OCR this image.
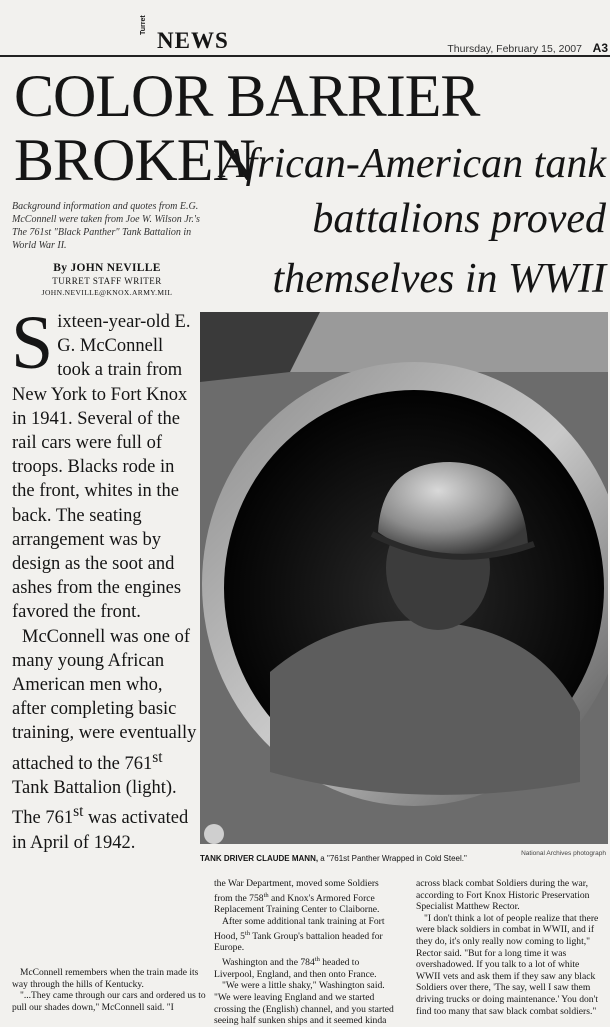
Turret
NEWS	Thursday, February 15, 2007 A3
COLOR BARRIER
BROKEN
African-American tank
battalions proved
themselves in WWII
Background information and quotes from E.G. McConnell were taken from Joe W. Wilson Jr.'s The 761st "Black Panther" Tank Battalion in World War II.
By JOHN NEVILLE
TURRET STAFF WRITER
JOHN.NEVILLE@KNOX.ARMY.MIL

Sixteen-year-old E. G. McConnell took a train from New York to Fort Knox in 1941. Several of the rail cars were full of troops. Blacks rode in the front, whites in the back. The seating arrangement was by design as the soot and ashes from the engines favored the front.

McConnell was one of many young African American men who, after completing basic training, were eventually attached to the 761st Tank Battalion (light). The 761st was activated in April of 1942.

McConnell remembers when the train made its way through the hills of Kentucky.

"...They came through our cars and ordered us to pull our shades down," McConnell said. "I

National Archives photograph
TANK DRIVER CLAUDE MANN, a "761st Panther Wrapped in Cold Steel."

the War Department, moved some Soldiers from the 758th and Knox's Armored Force Replacement Training Center to Claiborne.

After some additional tank training at Fort Hood, 5th Tank Group's battalion headed for Europe.

Washington and the 784th headed to Liverpool, England, and then onto France.

"We were a little shaky," Washington said. "We were leaving England and we started crossing the (English) channel, and you started seeing half sunken ships and it seemed kinda

across black combat Soldiers during the war, according to Fort Knox Historic Preservation Specialist Matthew Rector.

"I don't think a lot of people realize that there were black soldiers in combat in WWII, and if they do, it's only really now coming to light," Rector said. "But for a long time it was overshadowed. If you talk to a lot of white WWII vets and ask them if they saw any black Soldiers over there, 'The say, well I saw them driving trucks or doing maintenance.' You don't find too many that saw black combat soldiers."
